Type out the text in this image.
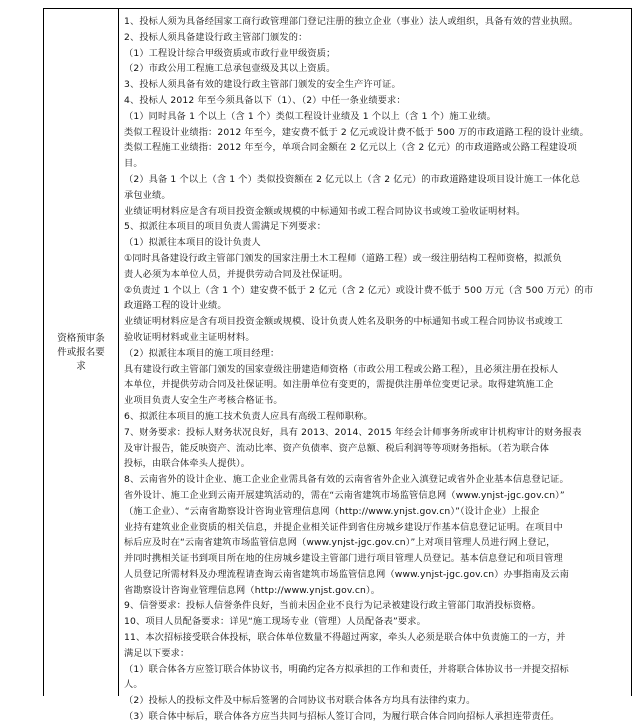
资格预审条件或报名要求
1、投标人须为具备经国家工商行政管理部门登记注册的独立企业（事业）法人或组织，具备有效的营业执照。
2、投标人须具备建设行政主管部门颁发的：
（1）工程设计综合甲级资质或市政行业甲级资质；
（2）市政公用工程施工总承包壹级及其以上资质。
3、投标人须具备有效的建设行政主管部门颁发的安全生产许可证。
4、投标人 2012 年至今须具备以下（1）、（2）中任一条业绩要求：
（1）同时具备 1 个以上（含 1 个）类似工程设计业绩及 1 个以上（含 1 个）施工业绩。
类似工程设计业绩指：2012 年至今，建安费不低于 2 亿元或设计费不低于 500 万的市政道路工程的设计业绩。
类似工程施工业绩指：2012 年至今，单项合同金额在 2 亿元以上（含 2 亿元）的市政道路或公路工程建设项
目。
（2）具备 1 个以上（含 1 个）类似投资额在 2 亿元以上（含 2 亿元）的市政道路建设项目设计施工一体化总
承包业绩。
业绩证明材料应是含有项目投资金额或规模的中标通知书或工程合同协议书或竣工验收证明材料。
5、拟派往本项目的项目负责人需满足下列要求：
（1）拟派往本项目的设计负责人
①同时具备建设行政主管部门颁发的国家注册土木工程师（道路工程）或一级注册结构工程师资格，拟派负
责人必须为本单位人员，并提供劳动合同及社保证明。
②负责过 1 个以上（含 1 个）建安费不低于 2 亿元（含 2 亿元）或设计费不低于 500 万元（含 500 万元）的市
政道路工程的设计业绩。
业绩证明材料应是含有项目投资金额或规模、设计负责人姓名及职务的中标通知书或工程合同协议书或竣工
验收证明材料或业主证明材料。
（2）拟派往本项目的施工项目经理：
具有建设行政主管部门颁发的国家壹级注册建造师资格（市政公用工程或公路工程），且必须注册在投标人
本单位，并提供劳动合同及社保证明。如注册单位有变更的，需提供注册单位变更记录。取得建筑施工企
业项目负责人安全生产考核合格证书。
6、拟派往本项目的施工技术负责人应具有高级工程师职称。
7、财务要求：投标人财务状况良好，具有 2013、2014、2015 年经会计师事务所或审计机构审计的财务报表
及审计报告，能反映资产、流动比率、资产负债率、资产总额、税后利润等等项财务指标。（若为联合体
投标，由联合体牵头人提供）。
8、云南省外的设计企业、施工企业企业需具备有效的云南省省外企业入滇登记或省外企业基本信息登记证。
省外设计、施工企业到云南开展建筑活动的，需在“云南省建筑市场监管信息网（www.ynjst-jgc.gov.cn）”
（施工企业）、“云南省勘察设计咨询业管理信息网（http://www.ynjst.gov.cn）”（设计企业）上报企
业持有建筑业企业资质的相关信息，并提企业相关证件到省住房城乡建设厅作基本信息登记证明。在项目中
标后应及时在“云南省建筑市场监管信息网（www.ynjst-jgc.gov.cn）”上对项目管理人员进行网上登记，
并同时携相关证书到项目所在地的住房城乡建设主管部门进行项目管理人员登记。基本信息登记和项目管理
人员登记所需材料及办理流程请查询云南省建筑市场监管信息网（www.ynjst-jgc.gov.cn）办事指南及云南
省勘察设计咨询业管理信息网（http://www.ynjst.gov.cn）。
9、信誉要求：投标人信誉条件良好，当前未因企业不良行为记录被建设行政主管部门取消投标资格。
10、项目人员配备要求：详见“施工现场专业（管理）人员配备表”要求。
11、本次招标接受联合体投标，联合体单位数量不得超过两家，牵头人必须是联合体中负责施工的一方，并
满足以下要求：
（1）联合体各方应签订联合体协议书，明确约定各方拟承担的工作和责任，并将联合体协议书一并提交招标
人。
（2）投标人的投标文件及中标后签署的合同协议书对联合体各方均具有法律约束力。
（3）联合体中标后，联合体各方应当共同与招标人签订合同，为履行联合体合同向招标人承担连带责任。
